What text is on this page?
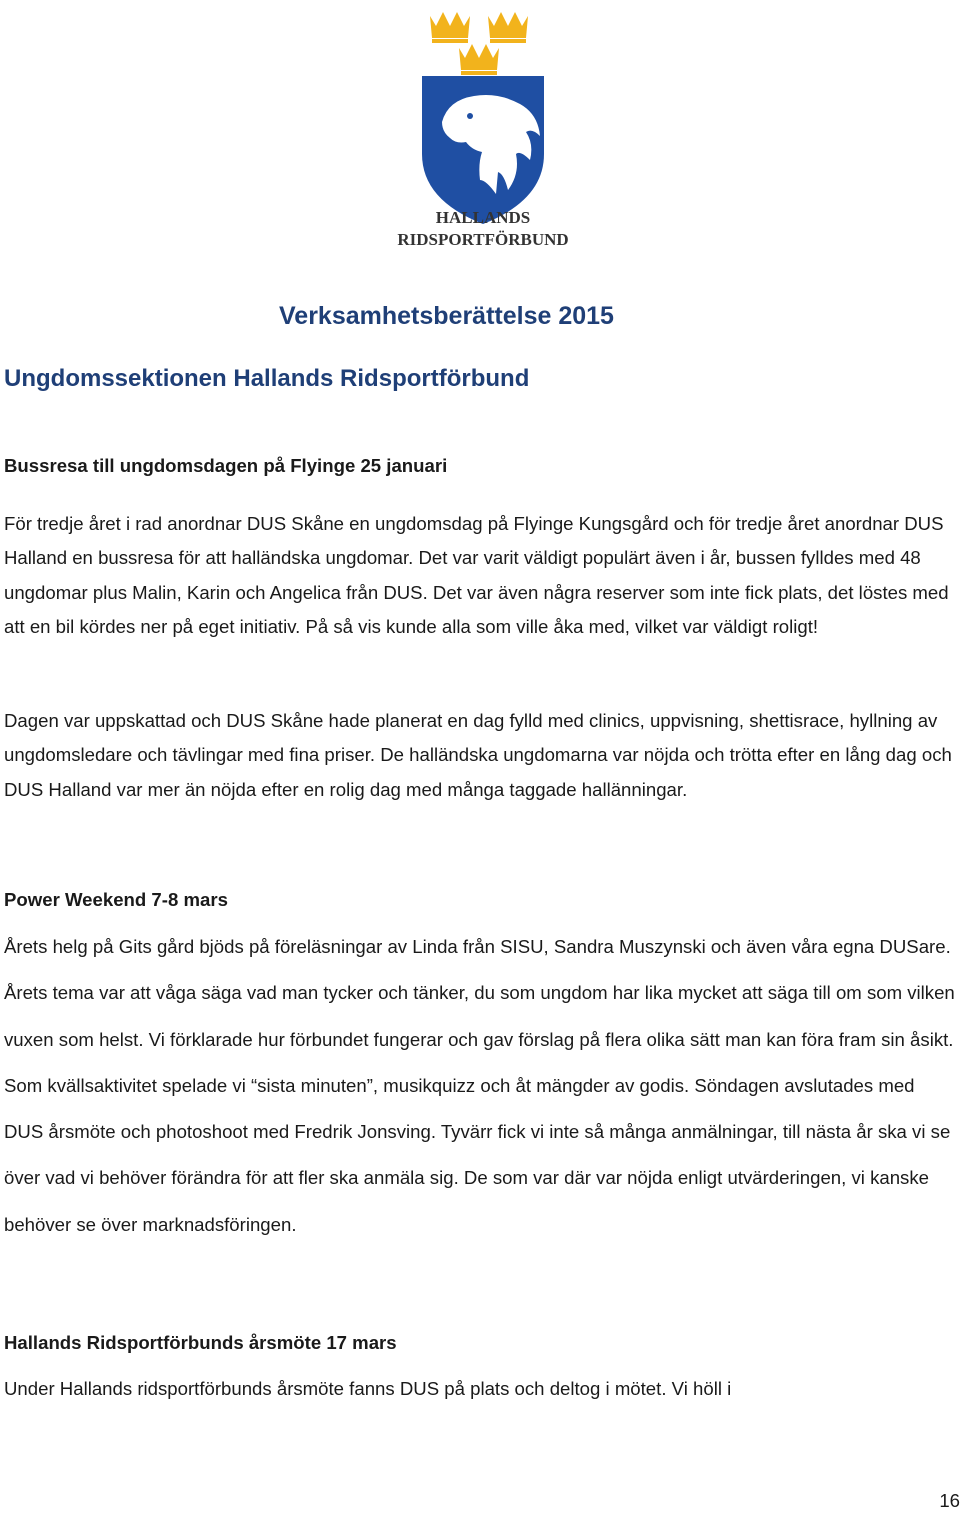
HALLANDS
RIDSPORTFÖRBUND
Verksamhetsberättelse 2015
Ungdomssektionen Hallands Ridsportförbund
Bussresa till ungdomsdagen på Flyinge 25 januari

För tredje året i rad anordnar DUS Skåne en ungdomsdag på Flyinge Kungsgård och för tredje året anordnar DUS Halland en bussresa för att halländska ungdomar. Det var varit väldigt populärt även i år, bussen fylldes med 48 ungdomar plus Malin, Karin och Angelica från DUS. Det var även några reserver som inte fick plats, det löstes med att en bil kördes ner på eget initiativ. På så vis kunde alla som ville åka med, vilket var väldigt roligt!

Dagen var uppskattad och DUS Skåne hade planerat en dag fylld med clinics, uppvisning, shettisrace, hyllning av ungdomsledare och tävlingar med fina priser. De halländska ungdomarna var nöjda och trötta efter en lång dag och DUS Halland var mer än nöjda efter en rolig dag med många taggade hallänningar.

Power Weekend 7-8 mars

Årets helg på Gits gård bjöds på föreläsningar av Linda från SISU, Sandra Muszynski och även våra egna DUSare. Årets tema var att våga säga vad man tycker och tänker, du som ungdom har lika mycket att säga till om som vilken vuxen som helst. Vi förklarade hur förbundet fungerar och gav förslag på flera olika sätt man kan föra fram sin åsikt. Som kvällsaktivitet spelade vi “sista minuten”, musikquizz och åt mängder av godis. Söndagen avslutades med DUS årsmöte och photoshoot med Fredrik Jonsving. Tyvärr fick vi inte så många anmälningar, till nästa år ska vi se över vad vi behöver förändra för att fler ska anmäla sig. De som var där var nöjda enligt utvärderingen, vi kanske behöver se över marknadsföringen.

Hallands Ridsportförbunds årsmöte 17 mars

Under Hallands ridsportförbunds årsmöte fanns DUS på plats och deltog i mötet. Vi höll i

16
